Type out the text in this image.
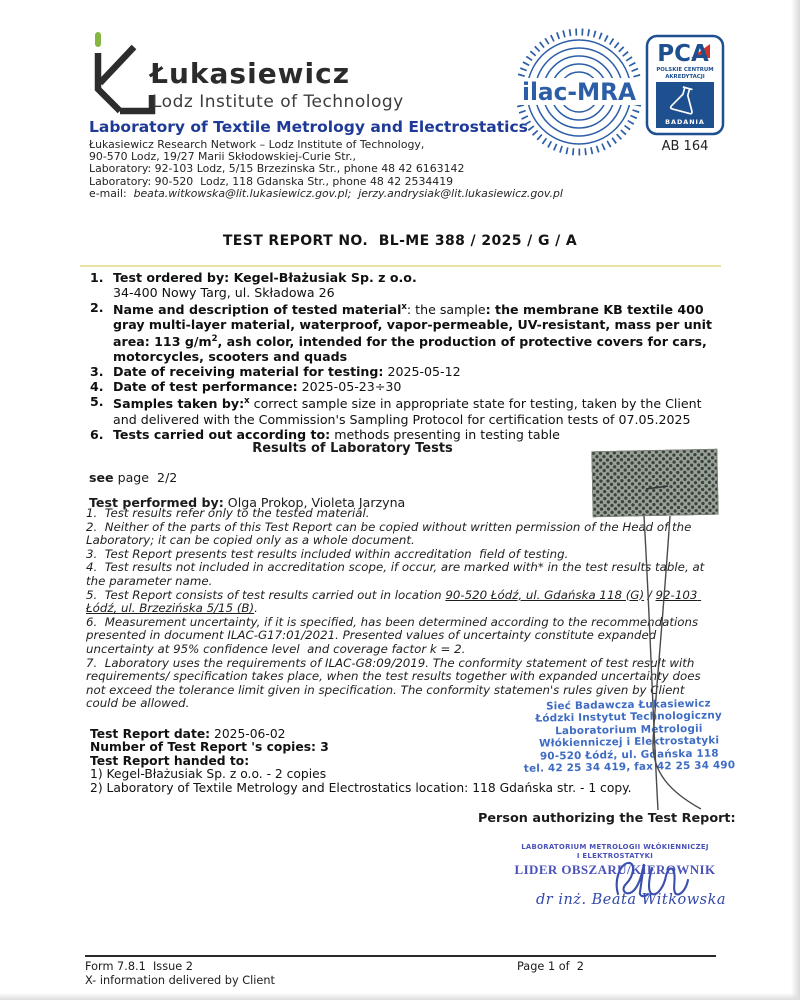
Łukasiewicz
Lodz Institute of Technology
Laboratory of Textile Metrology and Electrostatics
Łukasiewicz Research Network – Lodz Institute of Technology,
90-570 Lodz, 19/27 Marii Skłodowskiej-Curie Str.,
Laboratory: 92-103 Lodz, 5/15 Brzezinska Str., phone 48 42 6163142
Laboratory: 90-520  Lodz, 118 Gdanska Str., phone 48 42 2534419
e-mail:  beata.witkowska@lit.lukasiewicz.gov.pl;  jerzy.andrysiak@lit.lukasiewicz.gov.pl
ilac-MRA
PCA
POLSKIE CENTRUM
AKREDYTACJI
BADANIA
AB 164
TEST REPORT NO.  BL-ME 388 / 2025 / G / A
1. Test ordered by: Kegel-Błażusiak Sp. z o.o.
34-400 Nowy Targ, ul. Składowa 26
2. Name and description of tested material$^x$: the sample: the membrane KB textile 400 gray multi-layer material, waterproof, vapor-permeable, UV-resistant, mass per unit area: 113 $g/m^2$, ash color, intended for the production of protective covers for cars, motorcycles, scooters and quads
3. Date of receiving material for testing: 2025-05-12
4. Date of test performance: 2025-05-23÷30
5. Samples taken by:$^x$ correct sample size in appropriate state for testing, taken by the Client and delivered with the Commission's Sampling Protocol for certification tests of 07.05.2025
6. Tests carried out according to: methods presenting in testing table
Results of Laboratory Tests
see page  2/2
Test performed by: Olga Prokop, Violeta Jarzyna

1.  Test results refer only to the tested material.

2.  Neither of the parts of this Test Report can be copied without written permission of the Head of the Laboratory; it can be copied only as a whole document.

3.  Test Report presents test results included within accreditation  field of testing.

4.  Test results not included in accreditation scope, if occur, are marked with* in the test results table, at the parameter name.

5.  Test Report consists of test results carried out in location 90-520 Łódź, ul. Gdańska 118 (G) / 92-103 Łódź, ul. Brzezińska 5/15 (B).

6.  Measurement uncertainty, if it is specified, has been determined according to the recommendations presented in document ILAC-G17:01/2021. Presented values of uncertainty constitute expanded uncertainty at 95% confidence level  and coverage factor k = 2.

7.  Laboratory uses the requirements of ILAC-G8:09/2019. The conformity statement of test result with requirements/ specification takes place, when the test results together with expanded uncertainty does not exceed the tolerance limit given in specification. The conformity statemen's rules given by Client could be allowed.	Sieć Badawcza Łukasiewicz
Łódzki Instytut Technologiczny
Laboratorium Metrologii
Włókienniczej i Elektrostatyki
90-520 Łódź, ul. Gdańska 118
tel. 42 25 34 419, fax 42 25 34 490
Test Report date: 2025-06-02
Number of Test Report 's copies: 3
Test Report handed to:
1) Kegel-Błażusiak Sp. z o.o. - 2 copies
2) Laboratory of Textile Metrology and Electrostatics location: 118 Gdańska str. - 1 copy.
Person authorizing the Test Report:
LABORATORIUM METROLOGII WŁÓKIENNICZEJ
I ELEKTROSTATYKI
LIDER OBSZARU/KIEROWNIK
dr inż. Beata Witkowska
Form 7.8.1  Issue 2
X- information delivered by Client
Page 1 of  2
